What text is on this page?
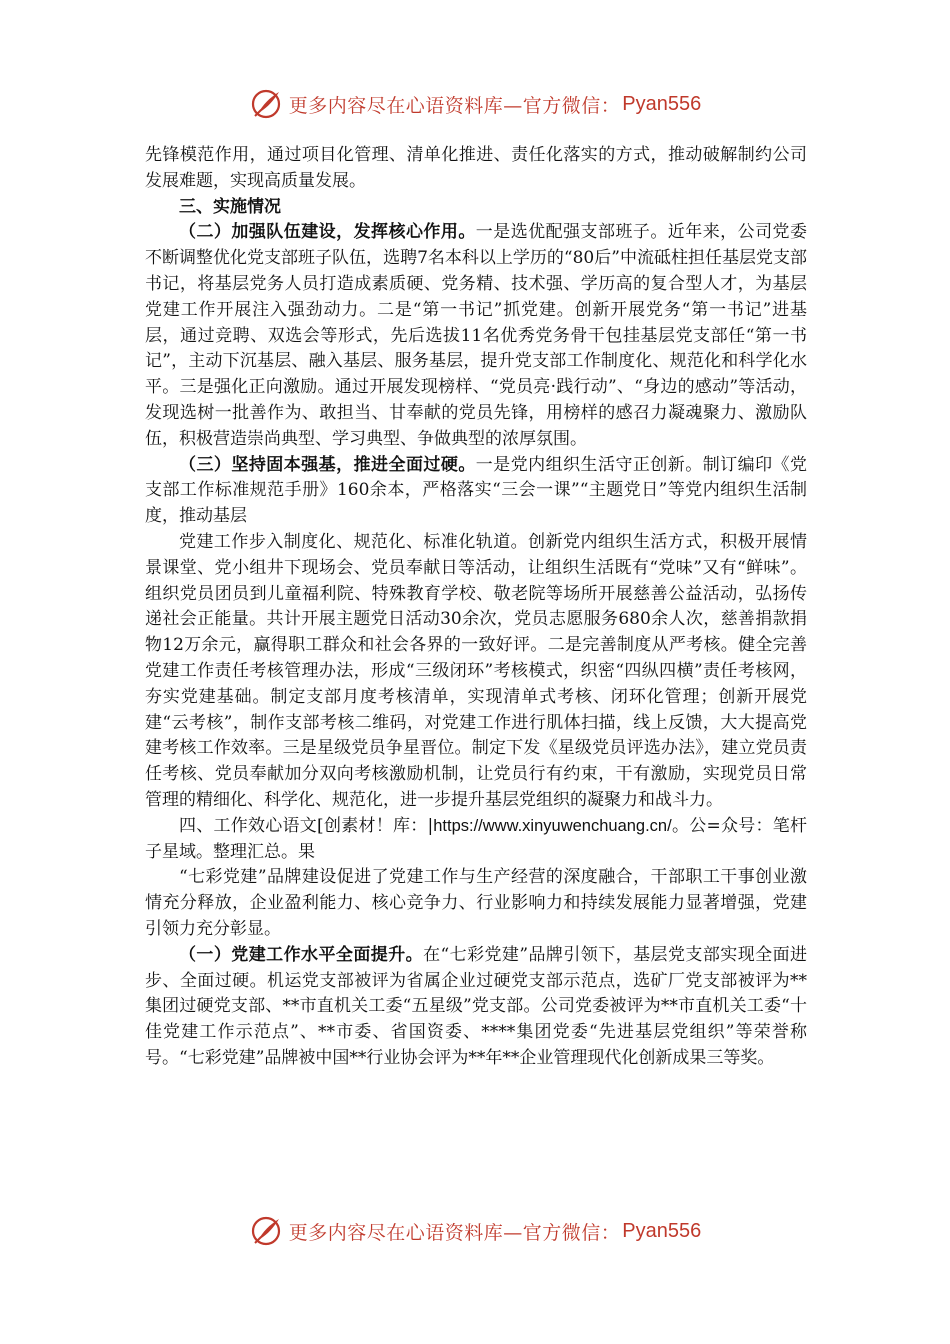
更多内容尽在心语资料库—官方微信： Pyan556

先锋模范作用，通过项目化管理、清单化推进、责任化落实的方式，推动破解制约公司发展难题，实现高质量发展。

三、实施情况

（二）加强队伍建设，发挥核心作用。一是选优配强支部班子。近年来，公司党委不断调整优化党支部班子队伍，选聘7名本科以上学历的“80后”中流砥柱担任基层党支部书记，将基层党务人员打造成素质硬、党务精、技术强、学历高的复合型人才，为基层党建工作开展注入强劲动力。二是“第一书记”抓党建。创新开展党务“第一书记”进基层，通过竞聘、双选会等形式，先后选拔11名优秀党务骨干包挂基层党支部任“第一书记”，主动下沉基层、融入基层、服务基层，提升党支部工作制度化、规范化和科学化水平。三是强化正向激励。通过开展发现榜样、“党员亮·践行动”、“身边的感动”等活动，发现选树一批善作为、敢担当、甘奉献的党员先锋，用榜样的感召力凝魂聚力、激励队伍，积极营造崇尚典型、学习典型、争做典型的浓厚氛围。

（三）坚持固本强基，推进全面过硬。一是党内组织生活守正创新。制订编印《党支部工作标准规范手册》160余本，严格落实“三会一课”“主题党日”等党内组织生活制度，推动基层

党建工作步入制度化、规范化、标准化轨道。创新党内组织生活方式，积极开展情景课堂、党小组井下现场会、党员奉献日等活动，让组织生活既有“党味”又有“鲜味”。组织党员团员到儿童福利院、特殊教育学校、敬老院等场所开展慈善公益活动，弘扬传递社会正能量。共计开展主题党日活动30余次，党员志愿服务680余人次，慈善捐款捐物12万余元，赢得职工群众和社会各界的一致好评。二是完善制度从严考核。健全完善党建工作责任考核管理办法，形成“三级闭环”考核模式，织密“四纵四横”责任考核网，夯实党建基础。制定支部月度考核清单，实现清单式考核、闭环化管理；创新开展党建“云考核”，制作支部考核二维码，对党建工作进行肌体扫描，线上反馈，大大提高党建考核工作效率。三是星级党员争星晋位。制定下发《星级党员评选办法》，建立党员责任考核、党员奉献加分双向考核激励机制，让党员行有约束，干有激励，实现党员日常管理的精细化、科学化、规范化，进一步提升基层党组织的凝聚力和战斗力。

四、工作效心语文[创素材！库：|https://www.xinyuwenchuang.cn/。公=众号：笔杆子星域。整理汇总。果

“七彩党建”品牌建设促进了党建工作与生产经营的深度融合，干部职工干事创业激情充分释放，企业盈利能力、核心竞争力、行业影响力和持续发展能力显著增强，党建引领力充分彰显。

（一）党建工作水平全面提升。在“七彩党建”品牌引领下，基层党支部实现全面进步、全面过硬。机运党支部被评为省属企业过硬党支部示范点，选矿厂党支部被评为**集团过硬党支部、**市直机关工委“五星级”党支部。公司党委被评为**市直机关工委“十佳党建工作示范点”、**市委、省国资委、****集团党委“先进基层党组织”等荣誉称号。“七彩党建”品牌被中国**行业协会评为**年**企业管理现代化创新成果三等奖。

更多内容尽在心语资料库—官方微信： Pyan556
